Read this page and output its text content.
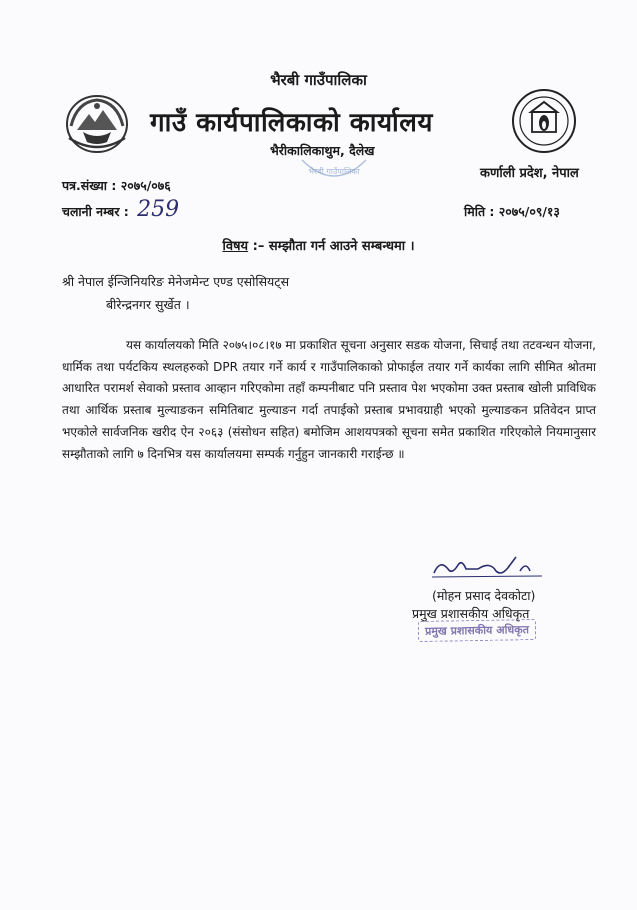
भैरबी गाउँपालिका
गाउँ कार्यपालिकाको कार्यालय
भैरीकालिकाथुम, दैलेख
भैरबी गाउँपालिका	कर्णाली प्रदेश, नेपाल
पत्र.संख्या : २०७५/०७६
चलानी नम्बर : 259	मिति : २०७५/०९/१३
विषय :– सम्झौता गर्न आउने सम्बन्धमा ।
श्री नेपाल ईन्जिनियरिङ मेनेजमेन्ट एण्ड एसोसियट्स
बीरेन्द्रनगर सुर्खेत ।
यस कार्यालयको मिति २०७५।०८।१७ मा प्रकाशित सूचना अनुसार सडक योजना, सिचाई तथा तटवन्धन योजना, धार्मिक तथा पर्यटकिय स्थलहरुको DPR तयार गर्ने कार्य र गाउँपालिकाको प्रोफाईल तयार गर्ने कार्यका लागि सीमित श्रोतमा आधारित परामर्श सेवाको प्रस्ताव आव्हान गरिएकोमा तहाँ कम्पनीबाट पनि प्रस्ताव पेश भएकोमा उक्त प्रस्ताब खोली प्राविधिक तथा आर्थिक प्रस्ताब मुल्याङकन समितिबाट मुल्याङन गर्दा तपाईको प्रस्ताब प्रभावग्राही भएको मुल्याङकन प्रतिवेदन प्राप्त भएकोले सार्वजनिक खरीद ऐन २०६३ (संसोधन सहित) बमोजिम आशयपत्रको सूचना समेत प्रकाशित गरिएकोले नियमानुसार सम्झौताको लागि ७ दिनभित्र यस कार्यालयमा सम्पर्क गर्नुहुन जानकारी गराईन्छ ॥
(मोहन प्रसाद देवकोटा)
प्रमुख प्रशासकीय अधिकृत
प्रमुख प्रशासकीय अधिकृत
